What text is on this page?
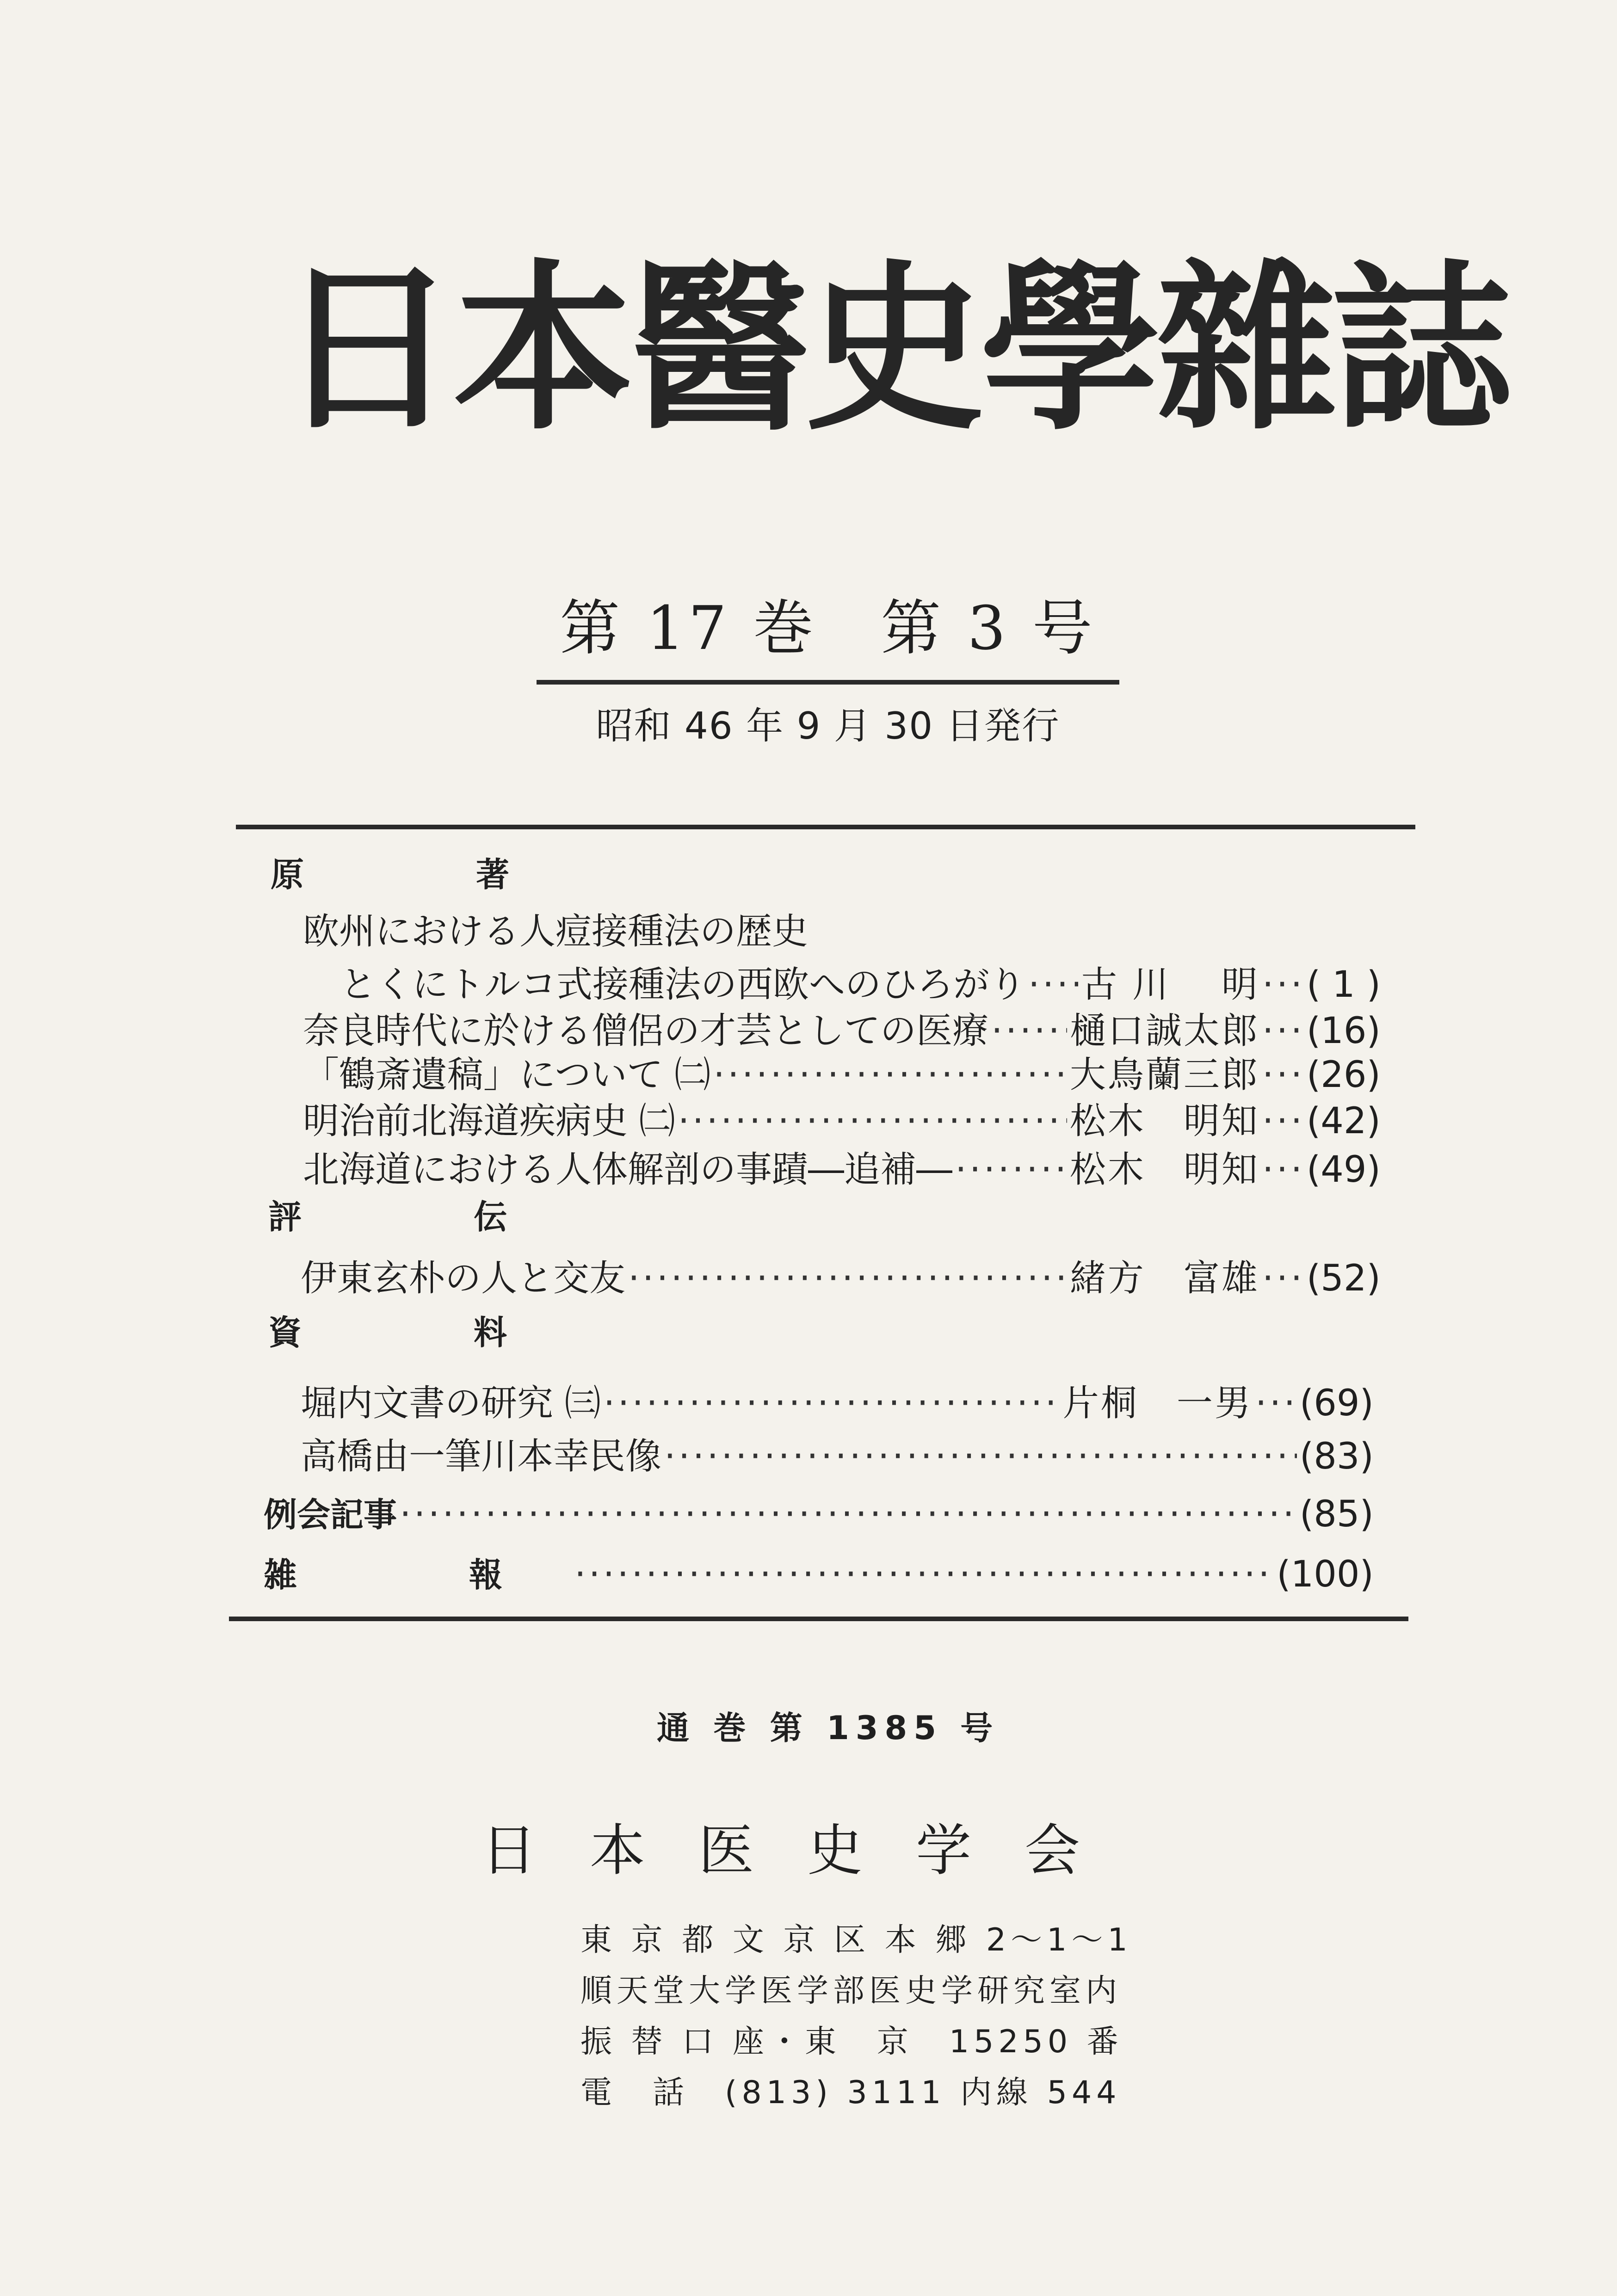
日本醫史學雜誌
第 17 巻　第 3 号
昭和 46 年 9 月 30 日発行
原　著
欧州における人痘接種法の歴史
とくにトルコ式接種法の西欧へのひろがり ····· 古 川　 明 ····· ( 1 )
奈良時代に於ける僧侶の才芸としての医療 ····· 樋口誠太郎 ····· (16)
「鶴斎遺稿」について ㈡ ·····	大鳥蘭三郎 ····· (26)
明治前北海道疾病史 ㈡ ·····	松木　明知 ····· (42)
北海道における人体解剖の事蹟―追補― ·····	松木　明知 ····· (49)
評　伝
伊東玄朴の人と交友 ·····	緒方　富雄 ····· (52)
資　料
堀内文書の研究 ㈢ ·····	片桐　一男 ····· (69)
高橋由一筆川本幸民像 ·····	(83)
例会記事 ·····	(85)
雑　報 ·····	(100)
通 巻 第 1385 号
日本医史学会
東 京 都 文 京 区 本 郷 2〜1〜1
順天堂大学医学部医史学研究室内
振 替 口 座・東　京　15250 番
電　話　(813) 3111 内線 544
